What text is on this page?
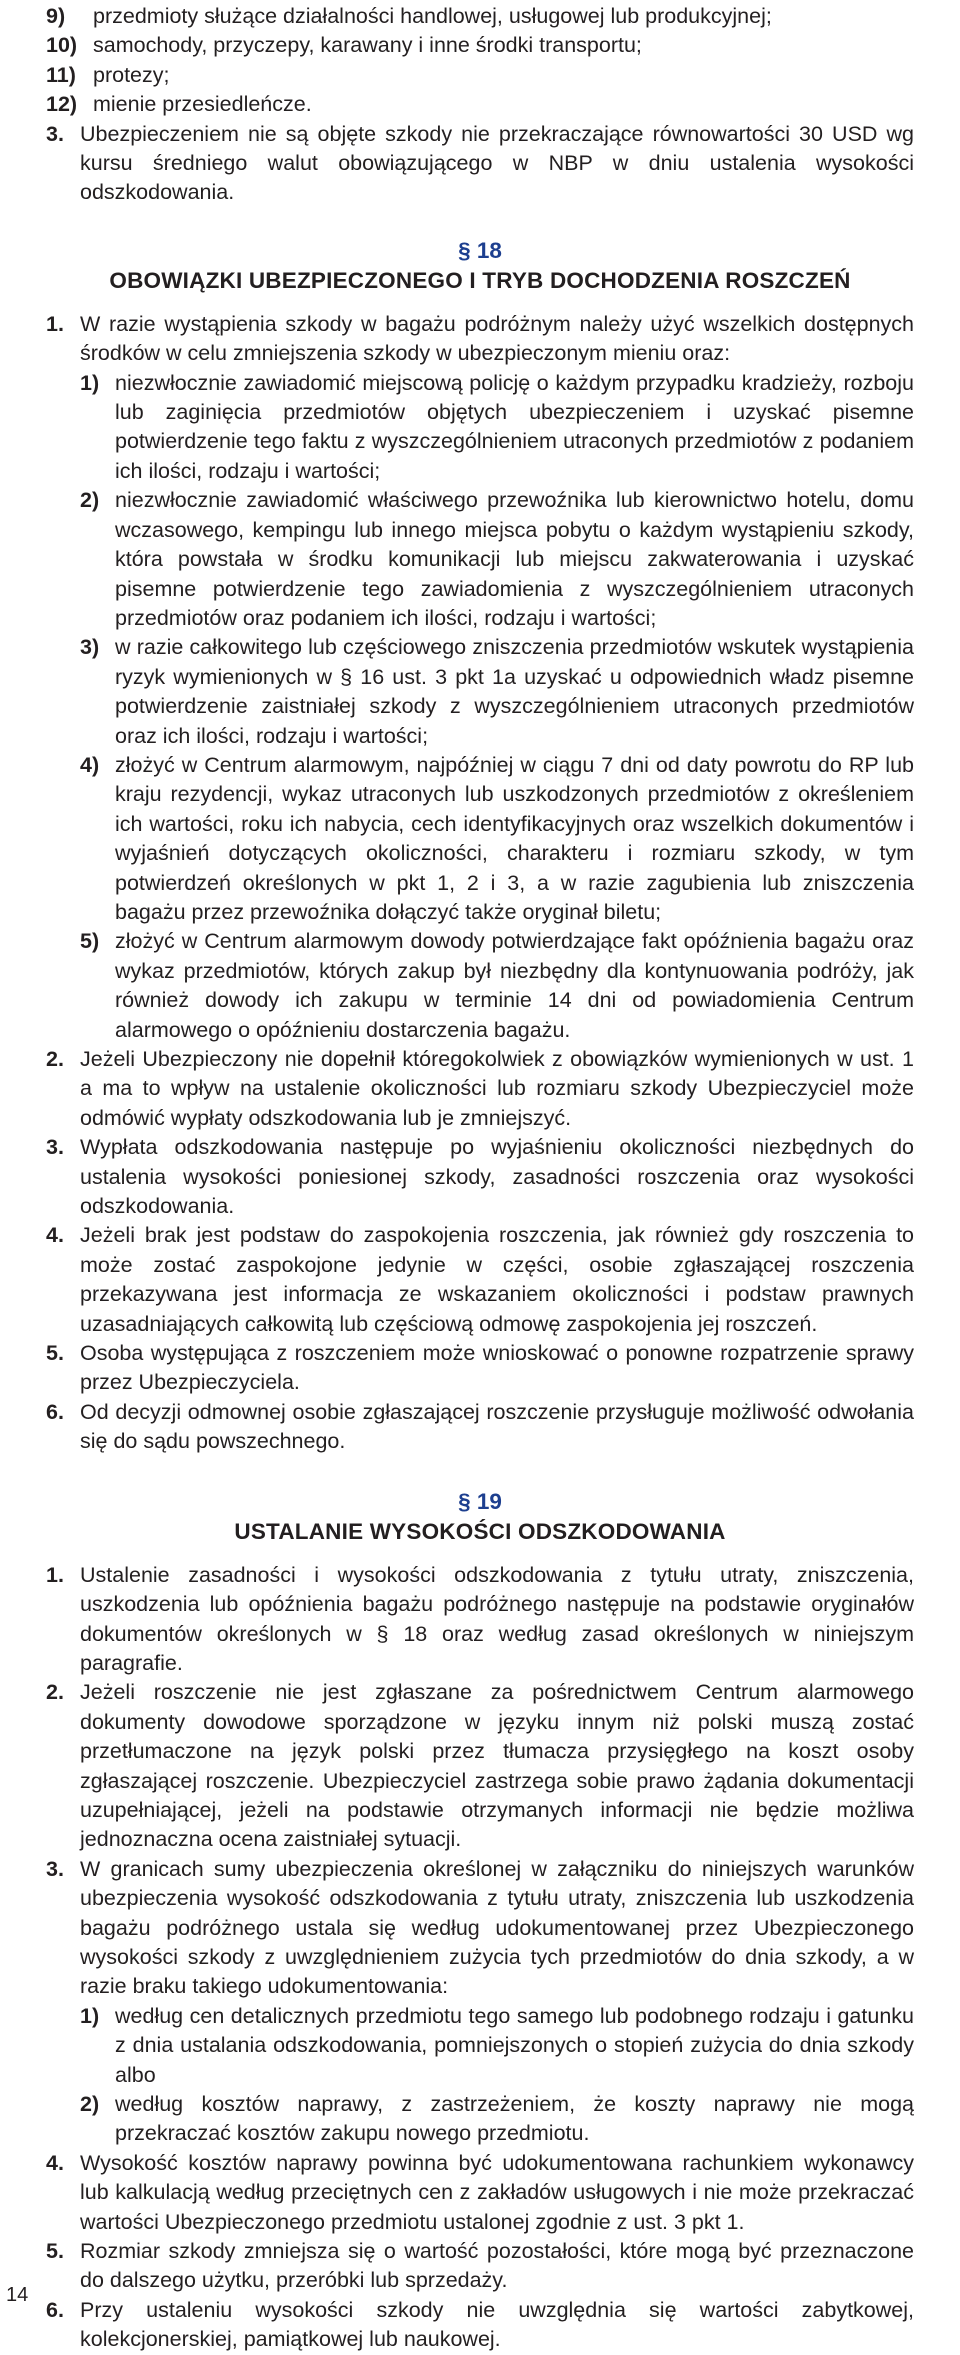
9)	przedmioty służące działalności handlowej, usługowej lub produkcyjnej;
10) samochody, przyczepy, karawany i inne środki transportu;
11) protezy;
12) mienie przesiedleńcze.
3. Ubezpieczeniem nie są objęte szkody nie przekraczające równowartości 30 USD wg kursu średniego walut obowiązującego w NBP w dniu ustalenia wysokości odszkodowania.
§ 18
OBOWIĄZKI UBEZPIECZONEGO I TRYB DOCHODZENIA ROSZCZEŃ
1. W razie wystąpienia szkody w bagażu podróżnym należy użyć wszelkich dostępnych środków w celu zmniejszenia szkody w ubezpieczonym mieniu oraz:
1) niezwłocznie zawiadomić miejscową policję o każdym przypadku kradzieży, rozboju lub zaginięcia przedmiotów objętych ubezpieczeniem i uzyskać pisemne potwierdzenie tego faktu z wyszczególnieniem utraconych przedmiotów z podaniem ich ilości, rodzaju i wartości;
2) niezwłocznie zawiadomić właściwego przewoźnika lub kierownictwo hotelu, domu wczasowego, kempingu lub innego miejsca pobytu o każdym wystąpieniu szkody, która powstała w środku komunikacji lub miejscu zakwaterowania i uzyskać pisemne potwierdzenie tego zawiadomienia z wyszczególnieniem utraconych przedmiotów oraz podaniem ich ilości, rodzaju i wartości;
3) w razie całkowitego lub częściowego zniszczenia przedmiotów wskutek wystąpienia ryzyk wymienionych w § 16 ust. 3 pkt 1a uzyskać u odpowiednich władz pisemne potwierdzenie zaistniałej szkody z wyszczególnieniem utraconych przedmiotów oraz ich ilości, rodzaju i wartości;
4) złożyć w Centrum alarmowym, najpóźniej w ciągu 7 dni od daty powrotu do RP lub kraju rezydencji, wykaz utraconych lub uszkodzonych przedmiotów z określeniem ich wartości, roku ich nabycia, cech identyfikacyjnych oraz wszelkich dokumentów i wyjaśnień dotyczących okoliczności, charakteru i rozmiaru szkody, w tym potwierdzeń określonych w pkt 1, 2 i 3, a w razie zagubienia lub zniszczenia bagażu przez przewoźnika dołączyć także oryginał biletu;
5) złożyć w Centrum alarmowym dowody potwierdzające fakt opóźnienia bagażu oraz wykaz przedmiotów, których zakup był niezbędny dla kontynuowania podróży, jak również dowody ich zakupu w terminie 14 dni od powiadomienia Centrum alarmowego o opóźnieniu dostarczenia bagażu.
2. Jeżeli Ubezpieczony nie dopełnił któregokolwiek z obowiązków wymienionych w ust. 1 a ma to wpływ na ustalenie okoliczności lub rozmiaru szkody Ubezpieczyciel może odmówić wypłaty odszkodowania lub je zmniejszyć.
3. Wypłata odszkodowania następuje po wyjaśnieniu okoliczności niezbędnych do ustalenia wysokości poniesionej szkody, zasadności roszczenia oraz wysokości odszkodowania.
4. Jeżeli brak jest podstaw do zaspokojenia roszczenia, jak również gdy roszczenia to może zostać zaspokojone jedynie w części, osobie zgłaszającej roszczenia przekazywana jest informacja ze wskazaniem okoliczności i podstaw prawnych uzasadniających całkowitą lub częściową odmowę zaspokojenia jej roszczeń.
5. Osoba występująca z roszczeniem może wnioskować o ponowne rozpatrzenie sprawy przez Ubezpieczyciela.
6. Od decyzji odmownej osobie zgłaszającej roszczenie przysługuje możliwość odwołania się do sądu powszechnego.
§ 19
USTALANIE WYSOKOŚCI ODSZKODOWANIA
1. Ustalenie zasadności i wysokości odszkodowania z tytułu utraty, zniszczenia, uszkodzenia lub opóźnienia bagażu podróżnego następuje na podstawie oryginałów dokumentów określonych w § 18 oraz według zasad określonych w niniejszym paragrafie.
2. Jeżeli roszczenie nie jest zgłaszane za pośrednictwem Centrum alarmowego dokumenty dowodowe sporządzone w języku innym niż polski muszą zostać przetłumaczone na język polski przez tłumacza przysięgłego na koszt osoby zgłaszającej roszczenie. Ubezpieczyciel zastrzega sobie prawo żądania dokumentacji uzupełniającej, jeżeli na podstawie otrzymanych informacji nie będzie możliwa jednoznaczna ocena zaistniałej sytuacji.
3. W granicach sumy ubezpieczenia określonej w załączniku do niniejszych warunków ubezpieczenia wysokość odszkodowania z tytułu utraty, zniszczenia lub uszkodzenia bagażu podróżnego ustala się według udokumentowanej przez Ubezpieczonego wysokości szkody z uwzględnieniem zużycia tych przedmiotów do dnia szkody, a w razie braku takiego udokumentowania:
1) według cen detalicznych przedmiotu tego samego lub podobnego rodzaju i gatunku z dnia ustalania odszkodowania, pomniejszonych o stopień zużycia do dnia szkody albo
2) według kosztów naprawy, z zastrzeżeniem, że koszty naprawy nie mogą przekraczać kosztów zakupu nowego przedmiotu.
4. Wysokość kosztów naprawy powinna być udokumentowana rachunkiem wykonawcy lub kalkulacją według przeciętnych cen z zakładów usługowych i nie może przekraczać wartości Ubezpieczonego przedmiotu ustalonej zgodnie z ust. 3 pkt 1.
5. Rozmiar szkody zmniejsza się o wartość pozostałości, które mogą być przeznaczone do dalszego użytku, przeróbki lub sprzedaży.
6. Przy ustaleniu wysokości szkody nie uwzględnia się wartości zabytkowej, kolekcjonerskiej, pamiątkowej lub naukowej.
14
